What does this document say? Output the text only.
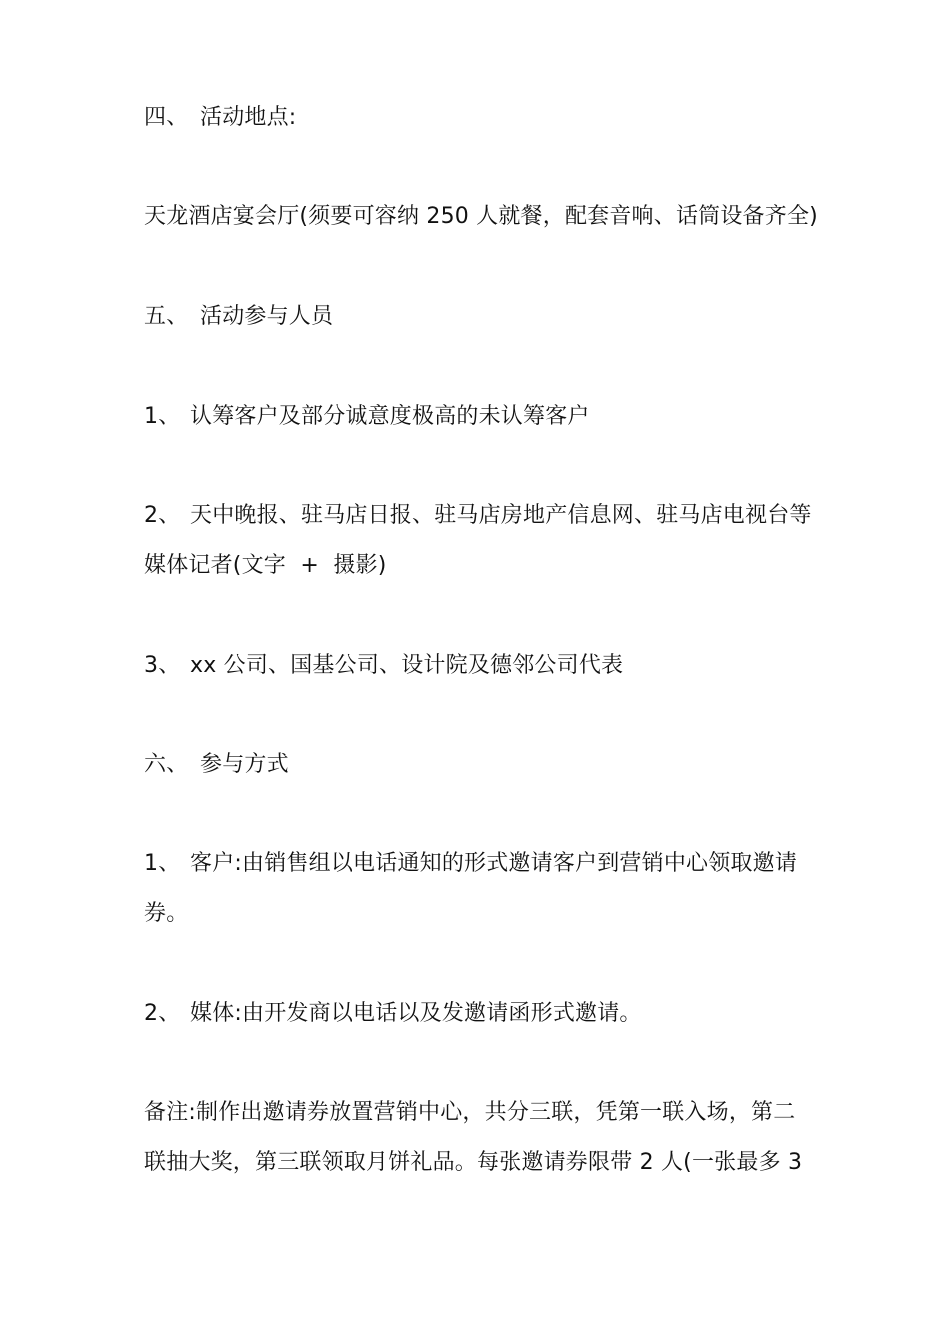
四、 活动地点:
天龙酒店宴会厅(须要可容纳 250 人就餐，配套音响、话筒设备齐全)
五、 活动参与人员
1、 认筹客户及部分诚意度极高的未认筹客户
2、 天中晚报、驻马店日报、驻马店房地产信息网、驻马店电视台等
媒体记者(文字  +  摄影)
3、 xx 公司、国基公司、设计院及德邻公司代表
六、 参与方式
1、 客户:由销售组以电话通知的形式邀请客户到营销中心领取邀请
券。
2、 媒体:由开发商以电话以及发邀请函形式邀请。
备注:制作出邀请券放置营销中心，共分三联，凭第一联入场，第二
联抽大奖，第三联领取月饼礼品。每张邀请券限带 2 人(一张最多 3
